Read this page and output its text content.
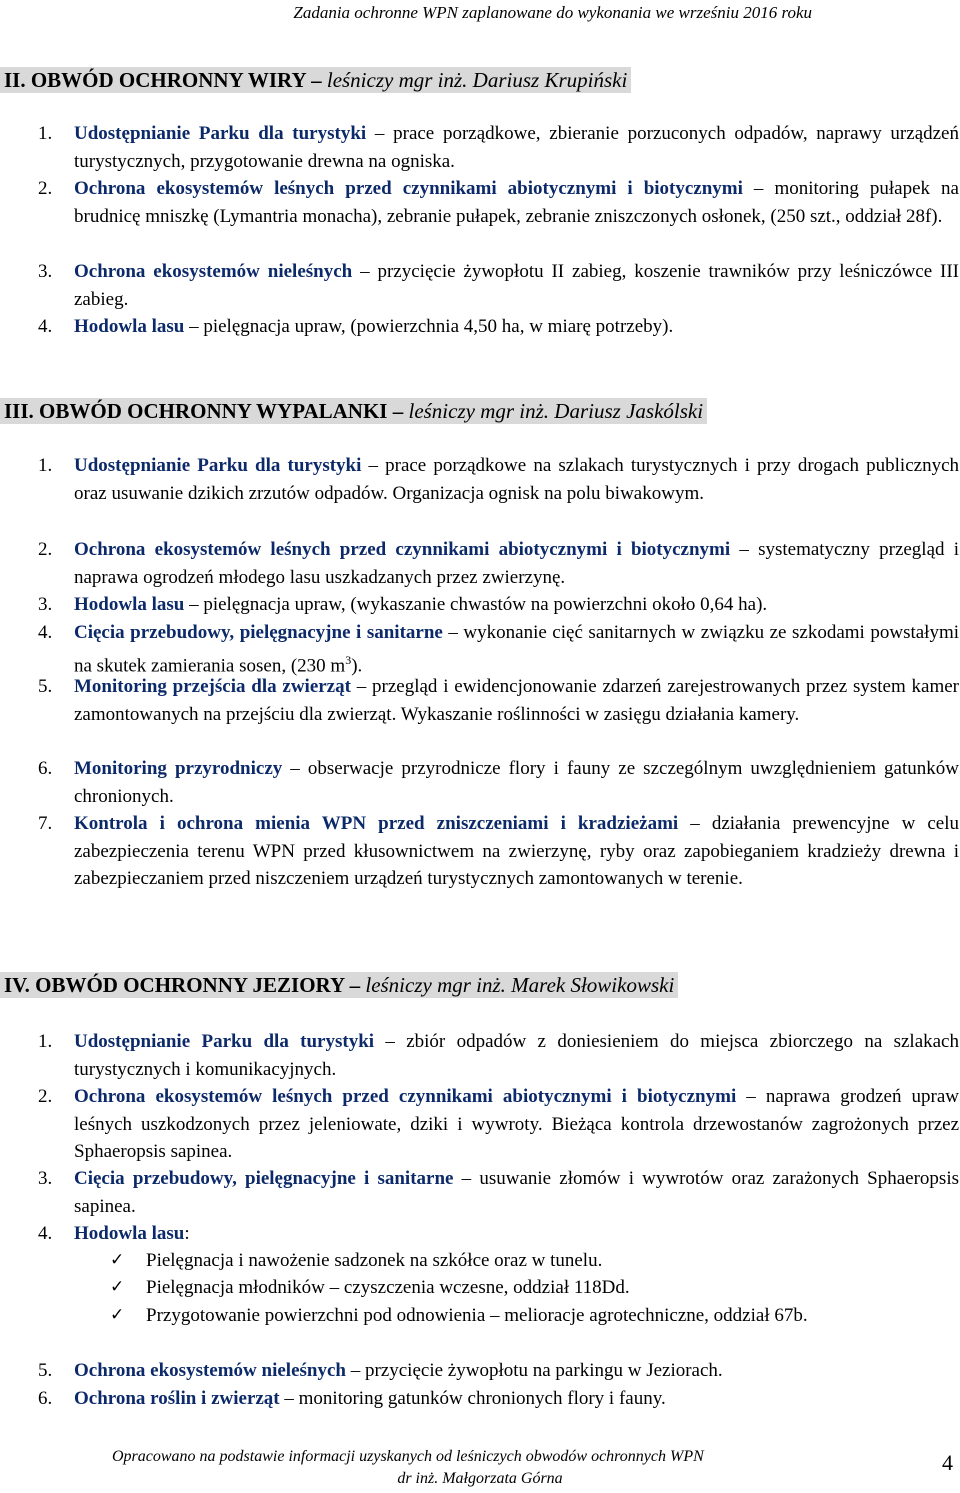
Zadania ochronne WPN zaplanowane do wykonania we wrześniu 2016 roku
II. OBWÓD OCHRONNY WIRY – leśniczy mgr inż. Dariusz Krupiński
1. Udostępnianie Parku dla turystyki – prace porządkowe, zbieranie porzuconych odpadów, naprawy urządzeń turystycznych, przygotowanie drewna na ogniska.
2. Ochrona ekosystemów leśnych przed czynnikami abiotycznymi i biotycznymi – monitoring pułapek na brudnicę mniszkę (Lymantria monacha), zebranie pułapek, zebranie zniszczonych osłonek, (250 szt., oddział 28f).
3. Ochrona ekosystemów nieleśnych – przycięcie żywopłotu II zabieg, koszenie trawników przy leśniczówce III zabieg.
4. Hodowla lasu – pielęgnacja upraw, (powierzchnia 4,50 ha, w miarę potrzeby).
III. OBWÓD OCHRONNY WYPALANKI – leśniczy mgr inż. Dariusz Jaskólski
1. Udostępnianie Parku dla turystyki – prace porządkowe na szlakach turystycznych i przy drogach publicznych oraz usuwanie dzikich zrzutów odpadów. Organizacja ognisk na polu biwakowym.
2. Ochrona ekosystemów leśnych przed czynnikami abiotycznymi i biotycznymi – systematyczny przegląd i naprawa ogrodzeń młodego lasu uszkadzanych przez zwierzynę.
3. Hodowla lasu – pielęgnacja upraw, (wykaszanie chwastów na powierzchni około 0,64 ha).
4. Cięcia przebudowy, pielęgnacyjne i sanitarne – wykonanie cięć sanitarnych w związku ze szkodami powstałymi na skutek zamierania sosen, (230 $m^3$).
5. Monitoring przejścia dla zwierząt – przegląd i ewidencjonowanie zdarzeń zarejestrowanych przez system kamer zamontowanych na przejściu dla zwierząt. Wykaszanie roślinności w zasięgu działania kamery.
6. Monitoring przyrodniczy – obserwacje przyrodnicze flory i fauny ze szczególnym uwzględnieniem gatunków chronionych.
7. Kontrola i ochrona mienia WPN przed zniszczeniami i kradzieżami – działania prewencyjne w celu zabezpieczenia terenu WPN przed kłusownictwem na zwierzynę, ryby oraz zapobieganiem kradzieży drewna i zabezpieczaniem przed niszczeniem urządzeń turystycznych zamontowanych w terenie.
IV. OBWÓD OCHRONNY JEZIORY – leśniczy mgr inż. Marek Słowikowski
1. Udostępnianie Parku dla turystyki – zbiór odpadów z doniesieniem do miejsca zbiorczego na szlakach turystycznych i komunikacyjnych.
2. Ochrona ekosystemów leśnych przed czynnikami abiotycznymi i biotycznymi – naprawa grodzeń upraw leśnych uszkodzonych przez jeleniowate, dziki i wywroty. Bieżąca kontrola drzewostanów zagrożonych przez Sphaeropsis sapinea.
3. Cięcia przebudowy, pielęgnacyjne i sanitarne – usuwanie złomów i wywrotów oraz zarażonych Sphaeropsis sapinea.
4. Hodowla lasu:
✓ Pielęgnacja i nawożenie sadzonek na szkółce oraz w tunelu.
✓ Pielęgnacja młodników – czyszczenia wczesne, oddział 118Dd.
✓ Przygotowanie powierzchni pod odnowienia – melioracje agrotechniczne, oddział 67b.
5. Ochrona ekosystemów nieleśnych – przycięcie żywopłotu na parkingu w Jeziorach.
6. Ochrona roślin i zwierząt – monitoring gatunków chronionych flory i fauny.
Opracowano na podstawie informacji uzyskanych od leśniczych obwodów ochronnych WPN
dr inż. Małgorzata Górna
4
